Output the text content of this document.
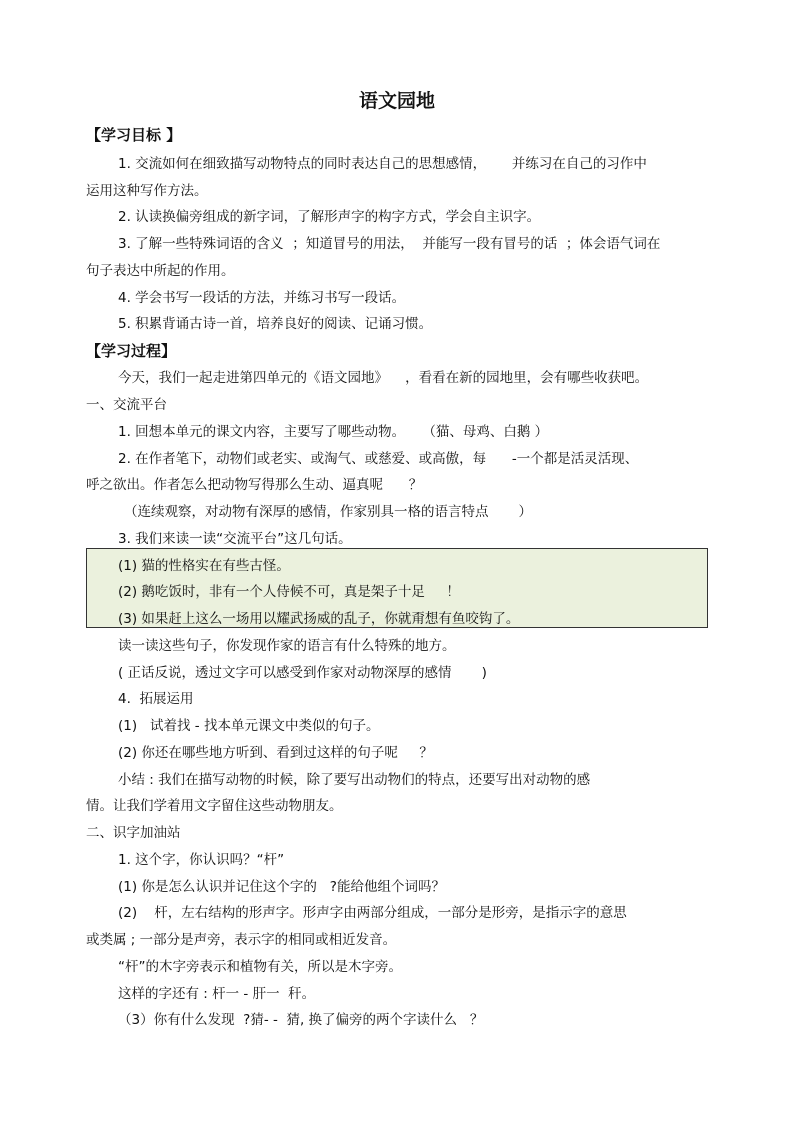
语文园地
【学习目标 】
1. 交流如何在细致描写动物特点的同时表达自己的思想感情，      并练习在自己的习作中
运用这种写作方法。
2. 认读换偏旁组成的新字词，了解形声字的构字方式，学会自主识字。
3. 了解一些特殊词语的含义  ；知道冒号的用法，  并能写一段有冒号的话  ；体会语气词在
句子表达中所起的作用。
4. 学会书写一段话的方法，并练习书写一段话。
5. 积累背诵古诗一首，培养良好的阅读、记诵习惯。
【学习过程】
今天，我们一起走进第四单元的《语文园地》    ，看看在新的园地里，会有哪些收获吧。
一、交流平台
1. 回想本单元的课文内容，主要写了哪些动物。    （猫、母鸡、白鹅 ）
2. 在作者笔下，动物们或老实、或淘气、或慈爱、或高傲，每      -一个都是活灵活现、
呼之欲出。作者怎么把动物写得那么生动、逼真呢      ？
（连续观察，对动物有深厚的感情，作家别具一格的语言特点       ）
3. 我们来读一读“交流平台”这几句话。
(1) 猫的性格实在有些古怪。
(2) 鹅吃饭时，非有一个人侍候不可，真是架子十足     ！
(3) 如果赶上这么一场用以耀武扬威的乱子，你就甭想有鱼咬钩了。
读一读这些句子，你发现作家的语言有什么特殊的地方。
( 正话反说，透过文字可以感受到作家对动物深厚的感情       )
4.  拓展运用
(1)   试着找 - 找本单元课文中类似的句子。
(2) 你还在哪些地方听到、看到过这样的句子呢     ？
小结 : 我们在描写动物的时候，除了要写出动物们的特点，还要写出对动物的感
情。让我们学着用文字留住这些动物朋友。
二、识字加油站
1. 这个字，你认识吗？“杆”
(1) 你是怎么认识并记住这个字的   ?能给他组个词吗？
(2)    杆，左右结构的形声字。形声字由两部分组成，一部分是形旁，是指示字的意思
或类属 ; 一部分是声旁，表示字的相同或相近发音。
“杆”的木字旁表示和植物有关，所以是木字旁。
这样的字还有 : 杆一 - 肝一  秆。
（3）你有什么发现  ?猜- -  猜, 换了偏旁的两个字读什么   ？
